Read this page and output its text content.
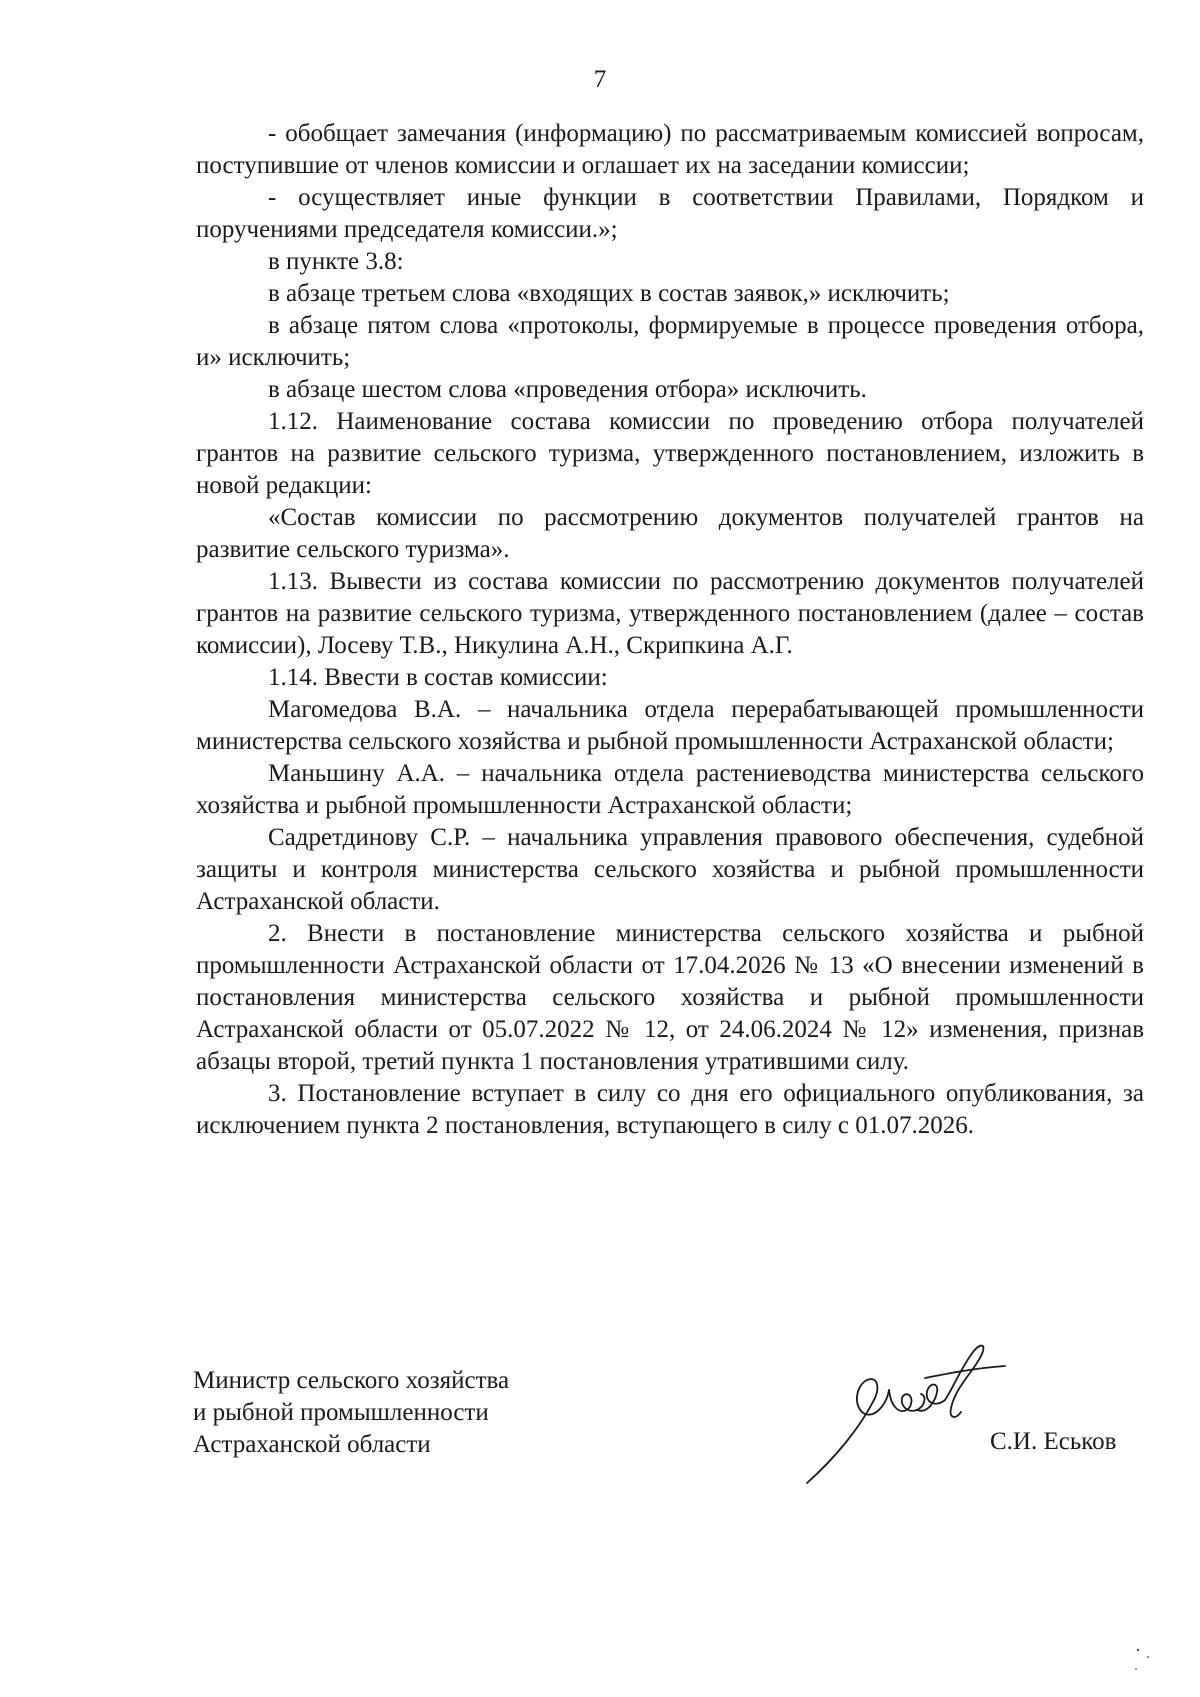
7

- обобщает замечания (информацию) по рассматриваемым комиссией вопросам, поступившие от членов комиссии и оглашает их на заседании комиссии;

- осуществляет иные функции в соответствии Правилами, Порядком и поручениями председателя комиссии.»;

в пункте 3.8:

в абзаце третьем слова «входящих в состав заявок,» исключить;

в абзаце пятом слова «протоколы, формируемые в процессе проведения отбора, и» исключить;

в абзаце шестом слова «проведения отбора» исключить.

1.12. Наименование состава комиссии по проведению отбора получателей грантов на развитие сельского туризма, утвержденного постановлением, изложить в новой редакции:

«Состав комиссии по рассмотрению документов получателей грантов на развитие сельского туризма».

1.13. Вывести из состава комиссии по рассмотрению документов получателей грантов на развитие сельского туризма, утвержденного постановлением (далее – состав комиссии), Лосеву Т.В., Никулина А.Н., Скрипкина А.Г.

1.14. Ввести в состав комиссии:

Магомедова В.А. – начальника отдела перерабатывающей промышленности министерства сельского хозяйства и рыбной промышленности Астраханской области;

Маньшину А.А. – начальника отдела растениеводства министерства сельского хозяйства и рыбной промышленности Астраханской области;

Садретдинову С.Р. – начальника управления правового обеспечения, судебной защиты и контроля министерства сельского хозяйства и рыбной промышленности Астраханской области.

2. Внести в постановление министерства сельского хозяйства и рыбной промышленности Астраханской области от 17.04.2026 № 13 «О внесении изменений в постановления министерства сельского хозяйства и рыбной промышленности Астраханской области от 05.07.2022 № 12, от 24.06.2024 № 12» изменения, признав абзацы второй, третий пункта 1 постановления утратившими силу.

3. Постановление вступает в силу со дня его официального опубликования, за исключением пункта 2 постановления, вступающего в силу с 01.07.2026.

Министр сельского хозяйства
и рыбной промышленности
Астраханской области	С.И. Еськов
